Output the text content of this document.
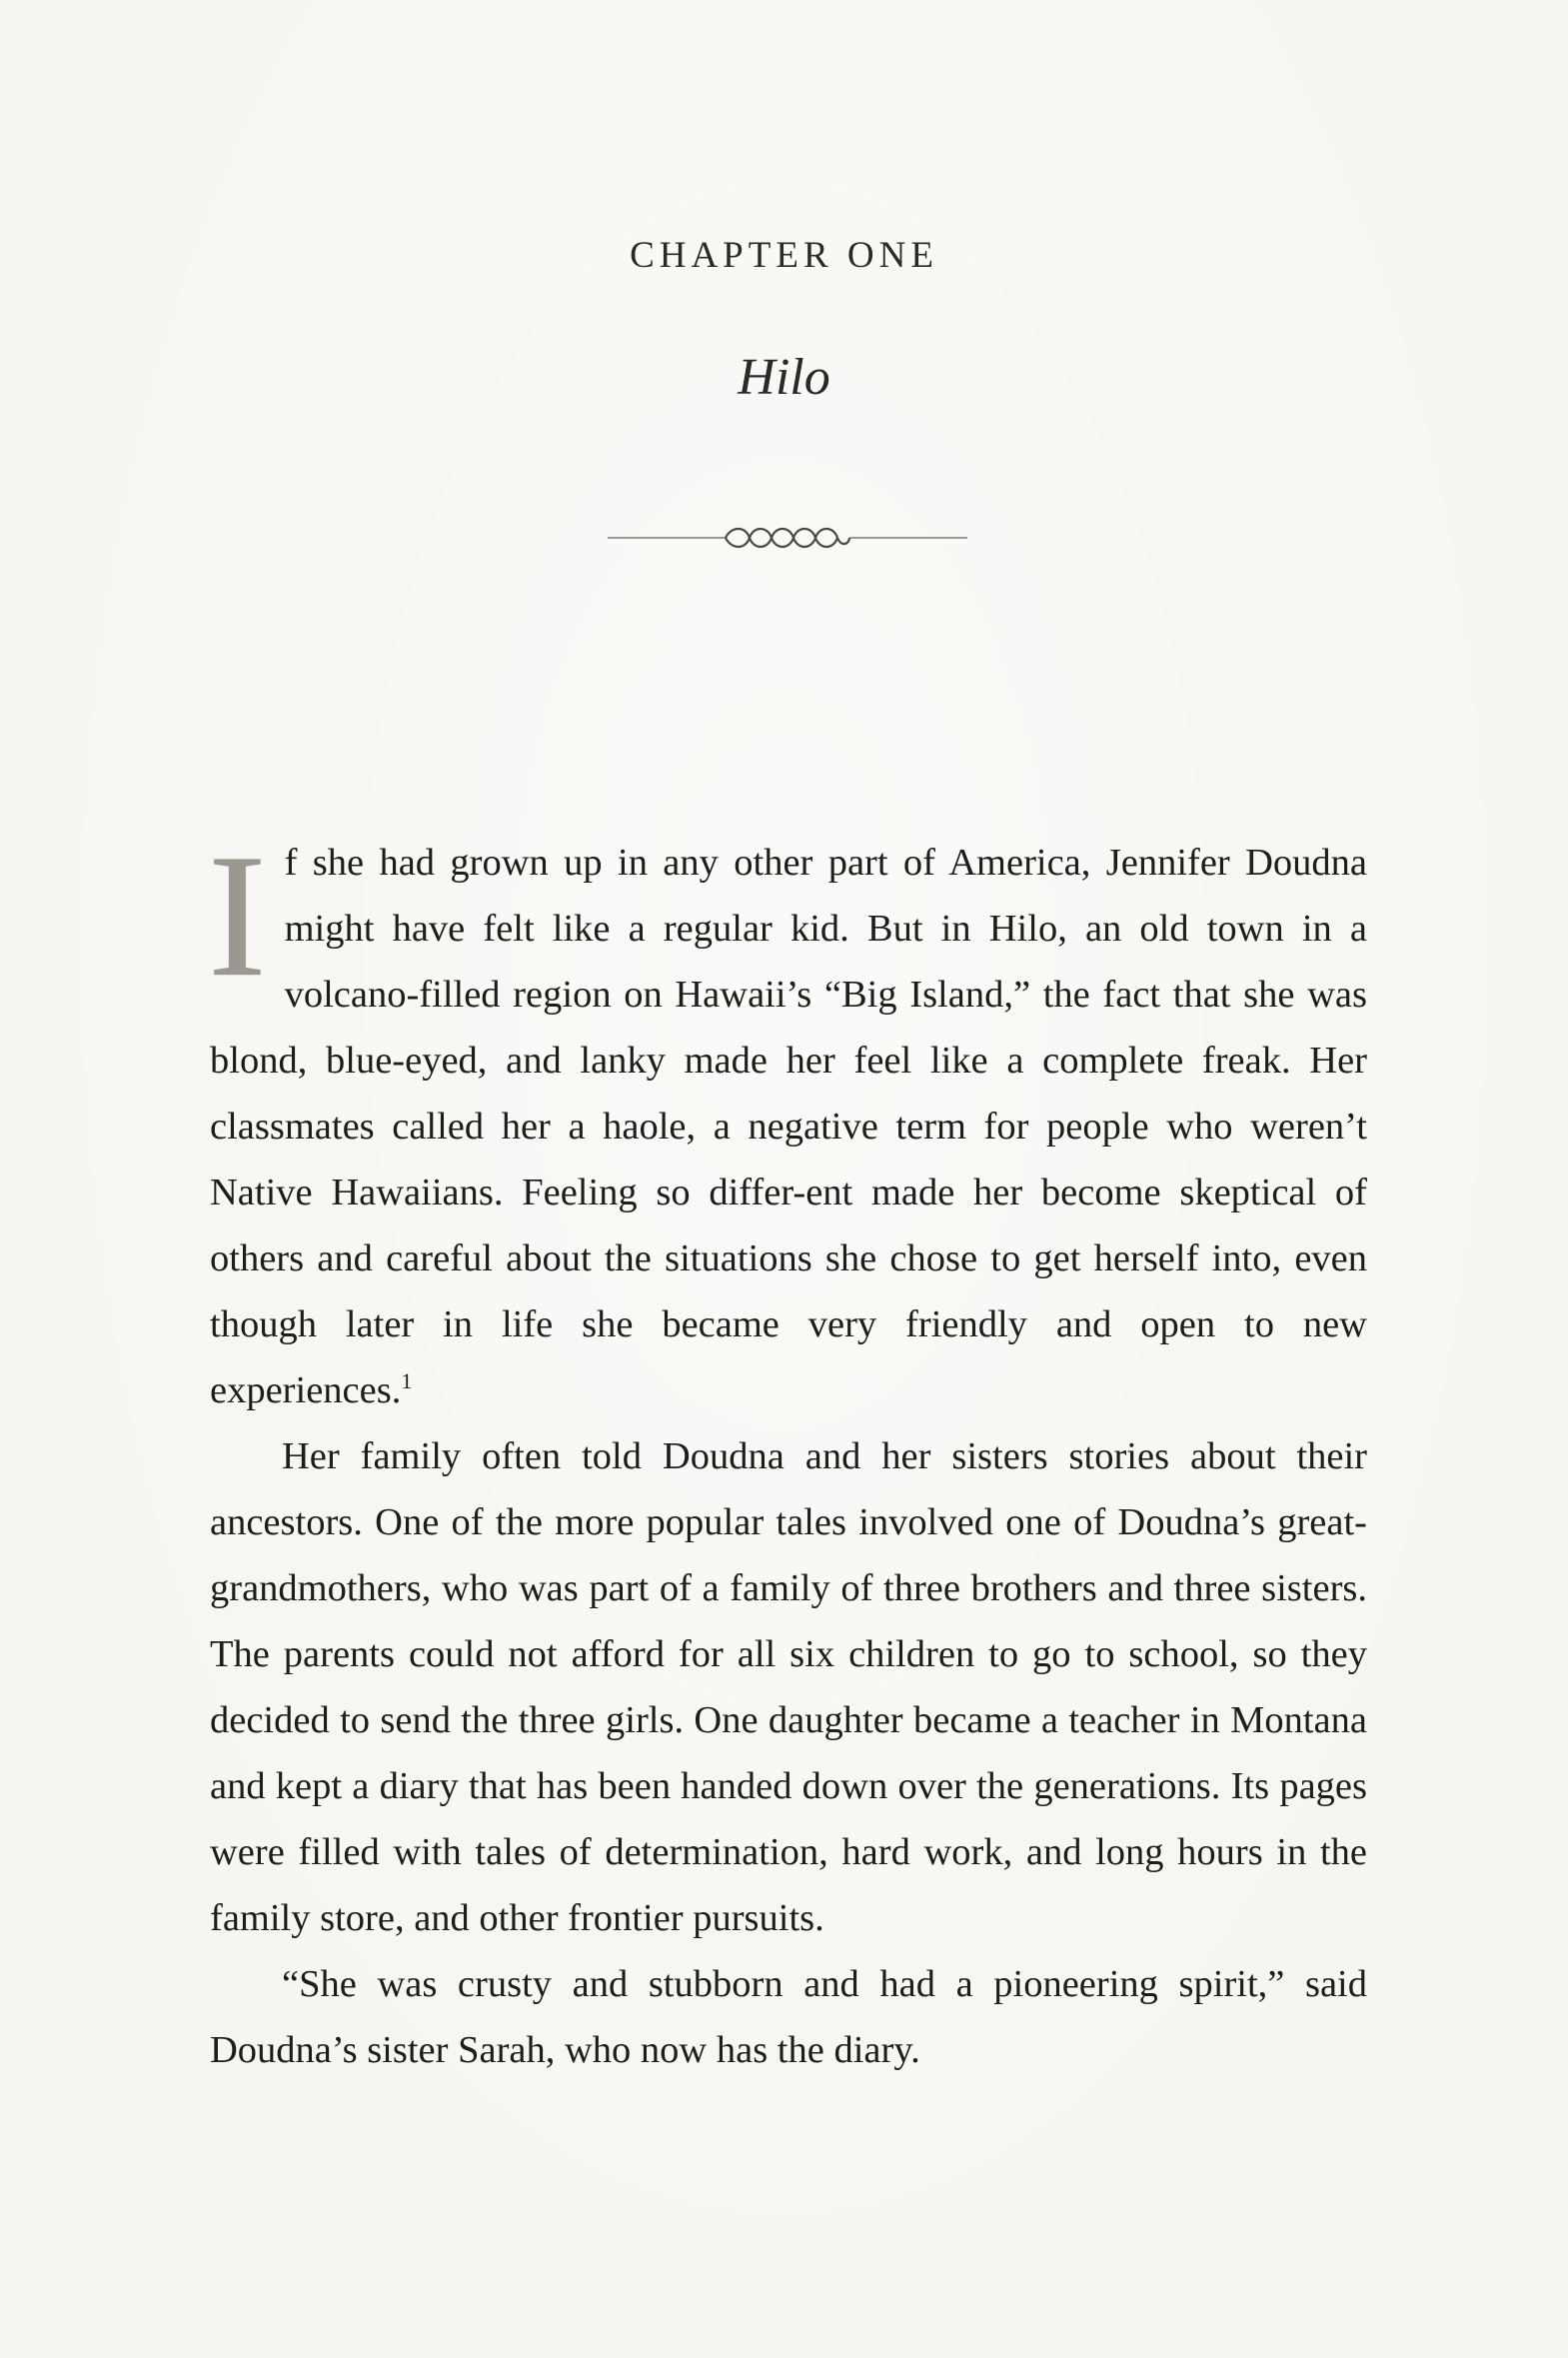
CHAPTER ONE
Hilo

If she had grown up in any other part of America, Jennifer Doudna might have felt like a regular kid. But in Hilo, an old town in a volcano-filled region on Hawaii’s “Big Island,” the fact that she was blond, blue-eyed, and lanky made her feel like a complete freak. Her classmates called her a haole, a negative term for people who weren’t Native Hawaiians. Feeling so differ-ent made her become skeptical of others and careful about the situations she chose to get herself into, even though later in life she became very friendly and open to new experiences.$^1$

Her family often told Doudna and her sisters stories about their ancestors. One of the more popular tales involved one of Doudna’s great-grandmothers, who was part of a family of three brothers and three sisters. The parents could not afford for all six children to go to school, so they decided to send the three girls. One daughter became a teacher in Montana and kept a diary that has been handed down over the generations. Its pages were filled with tales of determination, hard work, and long hours in the family store, and other frontier pursuits.

“She was crusty and stubborn and had a pioneering spirit,” said Doudna’s sister Sarah, who now has the diary.
